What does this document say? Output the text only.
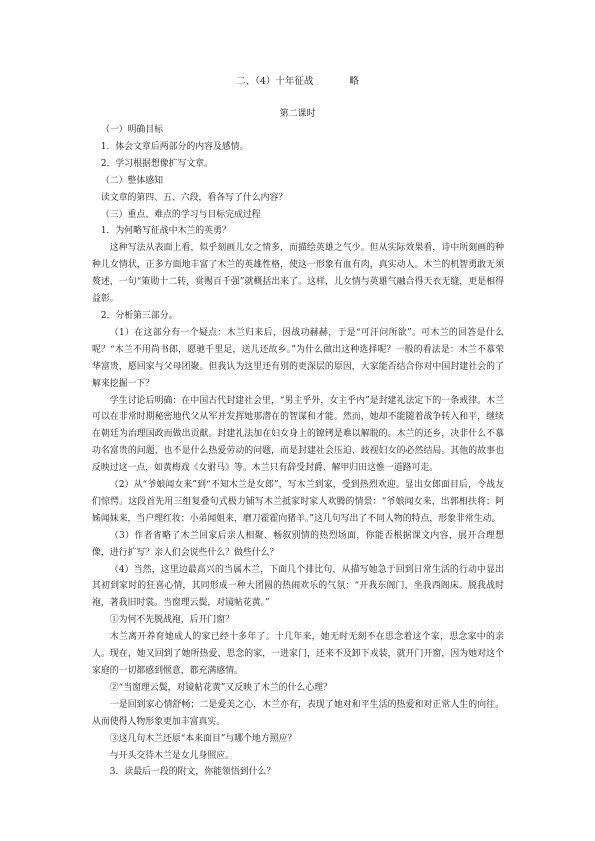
二、（4）十年征战	略
第二课时

（一）明确目标

1．体会文章后两部分的内容及感情。

2．学习根据想像扩写文章。

（二）整体感知

读文章的第四、五、六段，看各写了什么内容？

（三）重点、难点的学习与目标完成过程

1．为何略写征战中木兰的英勇？

这种写法从表面上看，似乎刻画儿女之情多，而描绘英雄之气少。但从实际效果看，诗中所刻画的种种儿女情状，正多方面地丰富了木兰的英雄性格，使这一形象有血有肉，真实动人。木兰的机智勇敢无须赘述，一句“策勋十二转，赏赐百千强”就概括出来了。这样，儿女情与英雄气融合得天衣无缝，更是相得益彰。

2．分析第三部分。

（1）在这部分有一个疑点：木兰归来后，因战功赫赫，于是“可汗问所欲”。可木兰的回答是什么呢？“木兰不用尚书郎，愿驰千里足，送儿还故乡。”为什么做出这种选择呢？一般的看法是：木兰不慕荣华富贵，愿回家与父母团聚。但我认为这里还有别的更深层的原因，大家能否结合你对中国封建社会的了解来挖掘一下？

学生讨论后明确：在中国古代封建社会里，“男主乎外，女主乎内”是封建礼法定下的一条戒律。木兰可以在非常时期秘密地代父从军并发挥她那潜在的智谋和才能。然而，她却不能随着战争转入和平，继续在朝廷为治理国政而做出贡献。封建礼法加在妇女身上的镣铐是难以解脱的。木兰的还乡，决非什么不慕功名富贵的问题，也不是什么热爱劳动的问题，而是封建社会压迫、歧视妇女的必然结局。其他的故事也反映过这一点，如黄梅戏《女驸马》等。木兰只有辞受封爵、解甲归田这惟一道路可走。

（2）从“爷娘闻女来”到“不知木兰是女郎”，写木兰到家，受到热烈欢迎。显出女郎面目后，令战友们惊愕。这段首先用三组复叠句式极力铺写木兰抵家时家人欢腾的情景：“爷娘闻女来，出郭相扶将；阿姊闻妹来，当户理红妆；小弟闻姐来，磨刀霍霍向猪羊。”这几句写出了不同人物的特点，形象非常生动。

（3）作者省略了木兰回家后亲人相聚、畅叙别情的热烈场面，你能否根据课文内容，展开合理想像，进行扩写？亲人们会说些什么？做些什么？

（4）当然，这里边最高兴的当属木兰，下面几个排比句，从描写她急于回到日常生活的行动中显出其初到家时的狂喜心情，其同形成一种大团圆的热闹欢乐的气氛：“开我东阁门，坐我西阁床。脱我战时袍，著我旧时裳。当窗理云鬓，对镜帖花黄。”

①为何不先脱战袍，后开门窗？

木兰离开养育她成人的家已经十多年了。十几年来，她无时无刻不在思念着这个家，思念家中的亲人。现在，她又回到了她所热爱、思念的家，一进家门，还来不及卸下戎装，就开门开窗，因为她对这个家庭的一切都感到惬意，都充满感情。

②“当窗理云鬓，对镜帖花黄”又反映了木兰的什么心理？

一是回到家心情舒畅；二是爱美之心，木兰亦有，表现了她对和平生活的热爱和对正常人生的向往。从而使得人物形象更加丰富真实。

③这几句木兰还原“本来面目”与哪个地方照应？

与开头交待木兰是女儿身照应。

3．读最后一段的附文，你能领悟到什么？
